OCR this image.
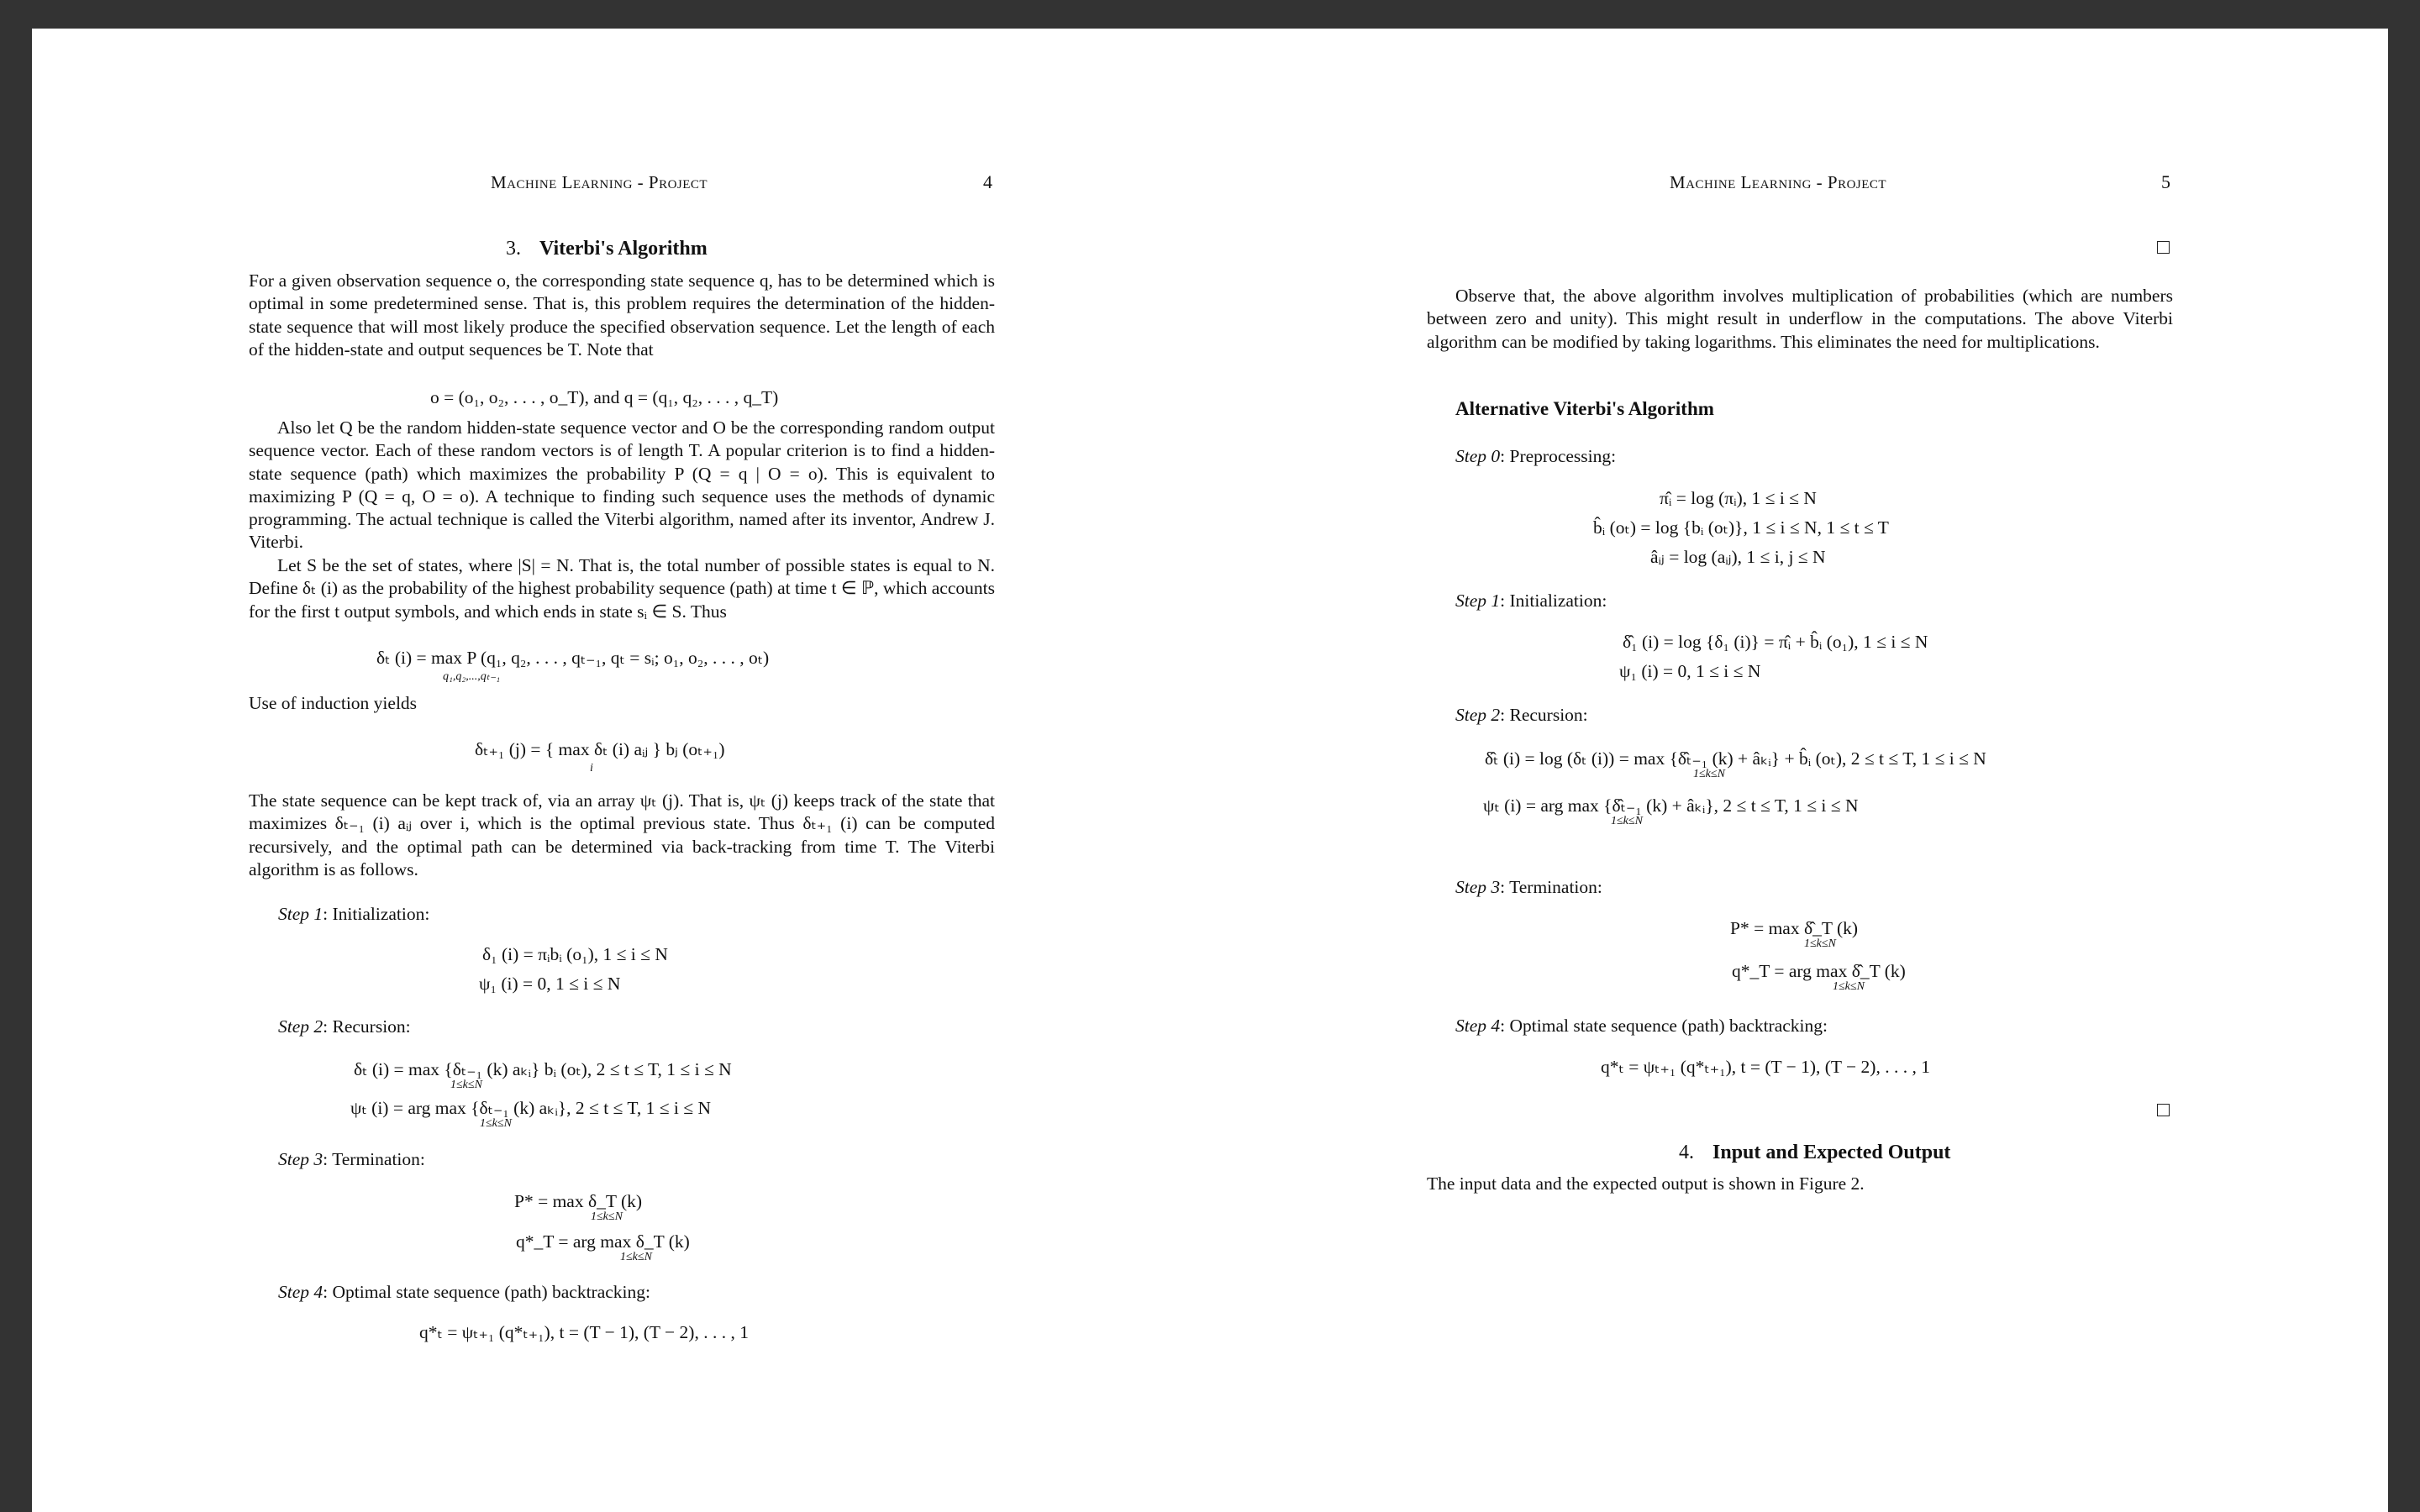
Machine Learning - Project	4
3. Viterbi's Algorithm
For a given observation sequence o, the corresponding state sequence q, has to be determined which is optimal in some predetermined sense. That is, this problem requires the determination of the hidden-state sequence that will most likely produce the specified observation sequence. Let the length of each of the hidden-state and output sequences be T. Note that
o = (o₁, o₂, . . . , o_T), and q = (q₁, q₂, . . . , q_T)
Also let Q be the random hidden-state sequence vector and O be the corresponding random output sequence vector. Each of these random vectors is of length T. A popular criterion is to find a hidden-state sequence (path) which maximizes the probability P (Q = q | O = o). This is equivalent to maximizing P (Q = q, O = o). A technique to finding such sequence uses the methods of dynamic programming. The actual technique is called the Viterbi algorithm, named after its inventor, Andrew J. Viterbi.
Let S be the set of states, where |S| = N. That is, the total number of possible states is equal to N. Define δₜ (i) as the probability of the highest probability sequence (path) at time t ∈ ℙ, which accounts for the first t output symbols, and which ends in state sᵢ ∈ S. Thus
δₜ (i) = max P (q₁, q₂, . . . , qₜ₋₁, qₜ = sᵢ; o₁, o₂, . . . , oₜ)
q₁,q₂,...,qₜ₋₁
Use of induction yields
δₜ₊₁ (j) = { max δₜ (i) aᵢⱼ } bⱼ (oₜ₊₁)
i
The state sequence can be kept track of, via an array ψₜ (j). That is, ψₜ (j) keeps track of the state that maximizes δₜ₋₁ (i) aᵢⱼ over i, which is the optimal previous state. Thus δₜ₊₁ (i) can be computed recursively, and the optimal path can be determined via back-tracking from time T. The Viterbi algorithm is as follows.
Step 1: Initialization:
δ₁ (i) = πᵢbᵢ (o₁), 1 ≤ i ≤ N
ψ₁ (i) = 0, 1 ≤ i ≤ N
Step 2: Recursion:
δₜ (i) = max {δₜ₋₁ (k) aₖᵢ} bᵢ (oₜ), 2 ≤ t ≤ T, 1 ≤ i ≤ N
1≤k≤N
ψₜ (i) = arg max {δₜ₋₁ (k) aₖᵢ}, 2 ≤ t ≤ T, 1 ≤ i ≤ N
1≤k≤N
Step 3: Termination:
P* = max δ_T (k)
1≤k≤N
q*_T = arg max δ_T (k)
1≤k≤N
Step 4: Optimal state sequence (path) backtracking:
q*ₜ = ψₜ₊₁ (q*ₜ₊₁), t = (T − 1), (T − 2), . . . , 1
Machine Learning - Project	5
Observe that, the above algorithm involves multiplication of probabilities (which are numbers between zero and unity). This might result in underflow in the computations. The above Viterbi algorithm can be modified by taking logarithms. This eliminates the need for multiplications.
Alternative Viterbi's Algorithm
Step 0: Preprocessing:
π̂ᵢ = log (πᵢ), 1 ≤ i ≤ N
b̂ᵢ (oₜ) = log {bᵢ (oₜ)}, 1 ≤ i ≤ N, 1 ≤ t ≤ T
âᵢⱼ = log (aᵢⱼ), 1 ≤ i, j ≤ N
Step 1: Initialization:
δ̂₁ (i) = log {δ₁ (i)} = π̂ᵢ + b̂ᵢ (o₁), 1 ≤ i ≤ N
ψ₁ (i) = 0, 1 ≤ i ≤ N
Step 2: Recursion:
δ̂ₜ (i) = log (δₜ (i)) = max {δ̂ₜ₋₁ (k) + âₖᵢ} + b̂ᵢ (oₜ), 2 ≤ t ≤ T, 1 ≤ i ≤ N
1≤k≤N
ψₜ (i) = arg max {δ̂ₜ₋₁ (k) + âₖᵢ}, 2 ≤ t ≤ T, 1 ≤ i ≤ N
1≤k≤N
Step 3: Termination:
P* = max δ̂_T (k)
1≤k≤N
q*_T = arg max δ̂_T (k)
1≤k≤N
Step 4: Optimal state sequence (path) backtracking:
q*ₜ = ψₜ₊₁ (q*ₜ₊₁), t = (T − 1), (T − 2), . . . , 1
4. Input and Expected Output
The input data and the expected output is shown in Figure 2.
